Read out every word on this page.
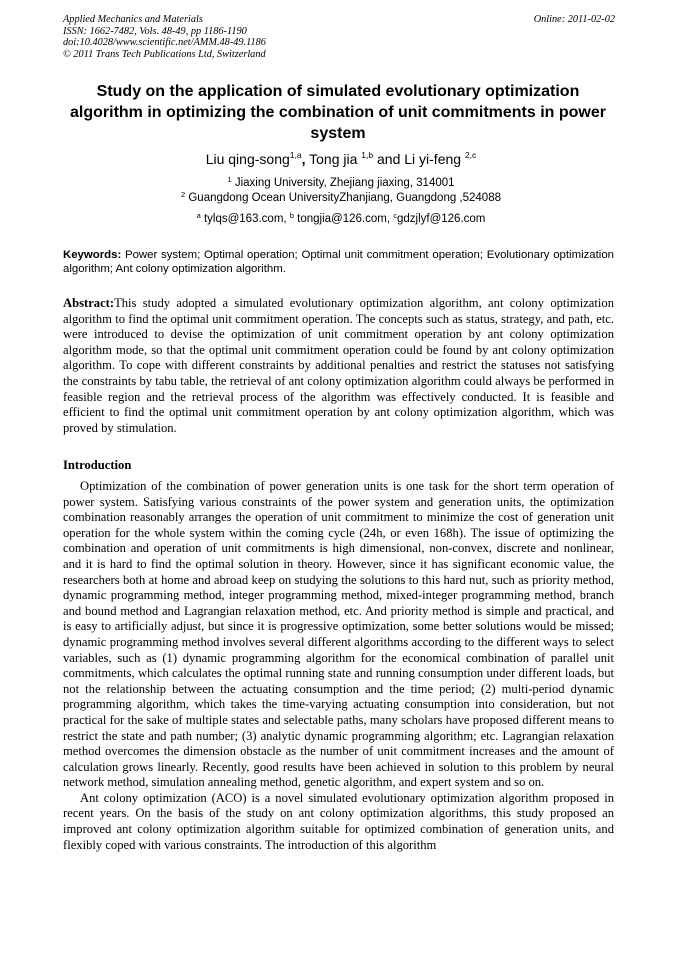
Applied Mechanics and Materials
ISSN: 1662-7482, Vols. 48-49, pp 1186-1190
doi:10.4028/www.scientific.net/AMM.48-49.1186
© 2011 Trans Tech Publications Ltd, Switzerland
Online: 2011-02-02
Study on the application of simulated evolutionary optimization algorithm in optimizing the combination of unit commitments in power system
Liu qing-song$^{1,a}$, Tong jia $^{1,b}$ and Li yi-feng $^{2,c}$
$^1$ Jiaxing University, Zhejiang jiaxing, 314001
$^2$ Guangdong Ocean UniversityZhanjiang, Guangdong ,524088
$^a$ tylqs@163.com, $^b$ tongjia@126.com, $^c$gdzjlyf@126.com
Keywords: Power system; Optimal operation; Optimal unit commitment operation; Evolutionary optimization algorithm; Ant colony optimization algorithm.
Abstract:This study adopted a simulated evolutionary optimization algorithm, ant colony optimization algorithm to find the optimal unit commitment operation. The concepts such as status, strategy, and path, etc. were introduced to devise the optimization of unit commitment operation by ant colony optimization algorithm mode, so that the optimal unit commitment operation could be found by ant colony optimization algorithm. To cope with different constraints by additional penalties and restrict the statuses not satisfying the constraints by tabu table, the retrieval of ant colony optimization algorithm could always be performed in feasible region and the retrieval process of the algorithm was effectively conducted. It is feasible and efficient to find the optimal unit commitment operation by ant colony optimization algorithm, which was proved by stimulation.
Introduction

Optimization of the combination of power generation units is one task for the short term operation of power system. Satisfying various constraints of the power system and generation units, the optimization combination reasonably arranges the operation of unit commitment to minimize the cost of generation unit operation for the whole system within the coming cycle (24h, or even 168h). The issue of optimizing the combination and operation of unit commitments is high dimensional, non-convex, discrete and nonlinear, and it is hard to find the optimal solution in theory. However, since it has significant economic value, the researchers both at home and abroad keep on studying the solutions to this hard nut, such as priority method, dynamic programming method, integer programming method, mixed-integer programming method, branch and bound method and Lagrangian relaxation method, etc. And priority method is simple and practical, and is easy to artificially adjust, but since it is progressive optimization, some better solutions would be missed; dynamic programming method involves several different algorithms according to the different ways to select variables, such as (1) dynamic programming algorithm for the economical combination of parallel unit commitments, which calculates the optimal running state and running consumption under different loads, but not the relationship between the actuating consumption and the time period; (2) multi-period dynamic programming algorithm, which takes the time-varying actuating consumption into consideration, but not practical for the sake of multiple states and selectable paths, many scholars have proposed different means to restrict the state and path number; (3) analytic dynamic programming algorithm; etc. Lagrangian relaxation method overcomes the dimension obstacle as the number of unit commitment increases and the amount of calculation grows linearly. Recently, good results have been achieved in solution to this problem by neural network method, simulation annealing method, genetic algorithm, and expert system and so on.

Ant colony optimization (ACO) is a novel simulated evolutionary optimization algorithm proposed in recent years. On the basis of the study on ant colony optimization algorithms, this study proposed an improved ant colony optimization algorithm suitable for optimized combination of generation units, and flexibly coped with various constraints. The introduction of this algorithm
